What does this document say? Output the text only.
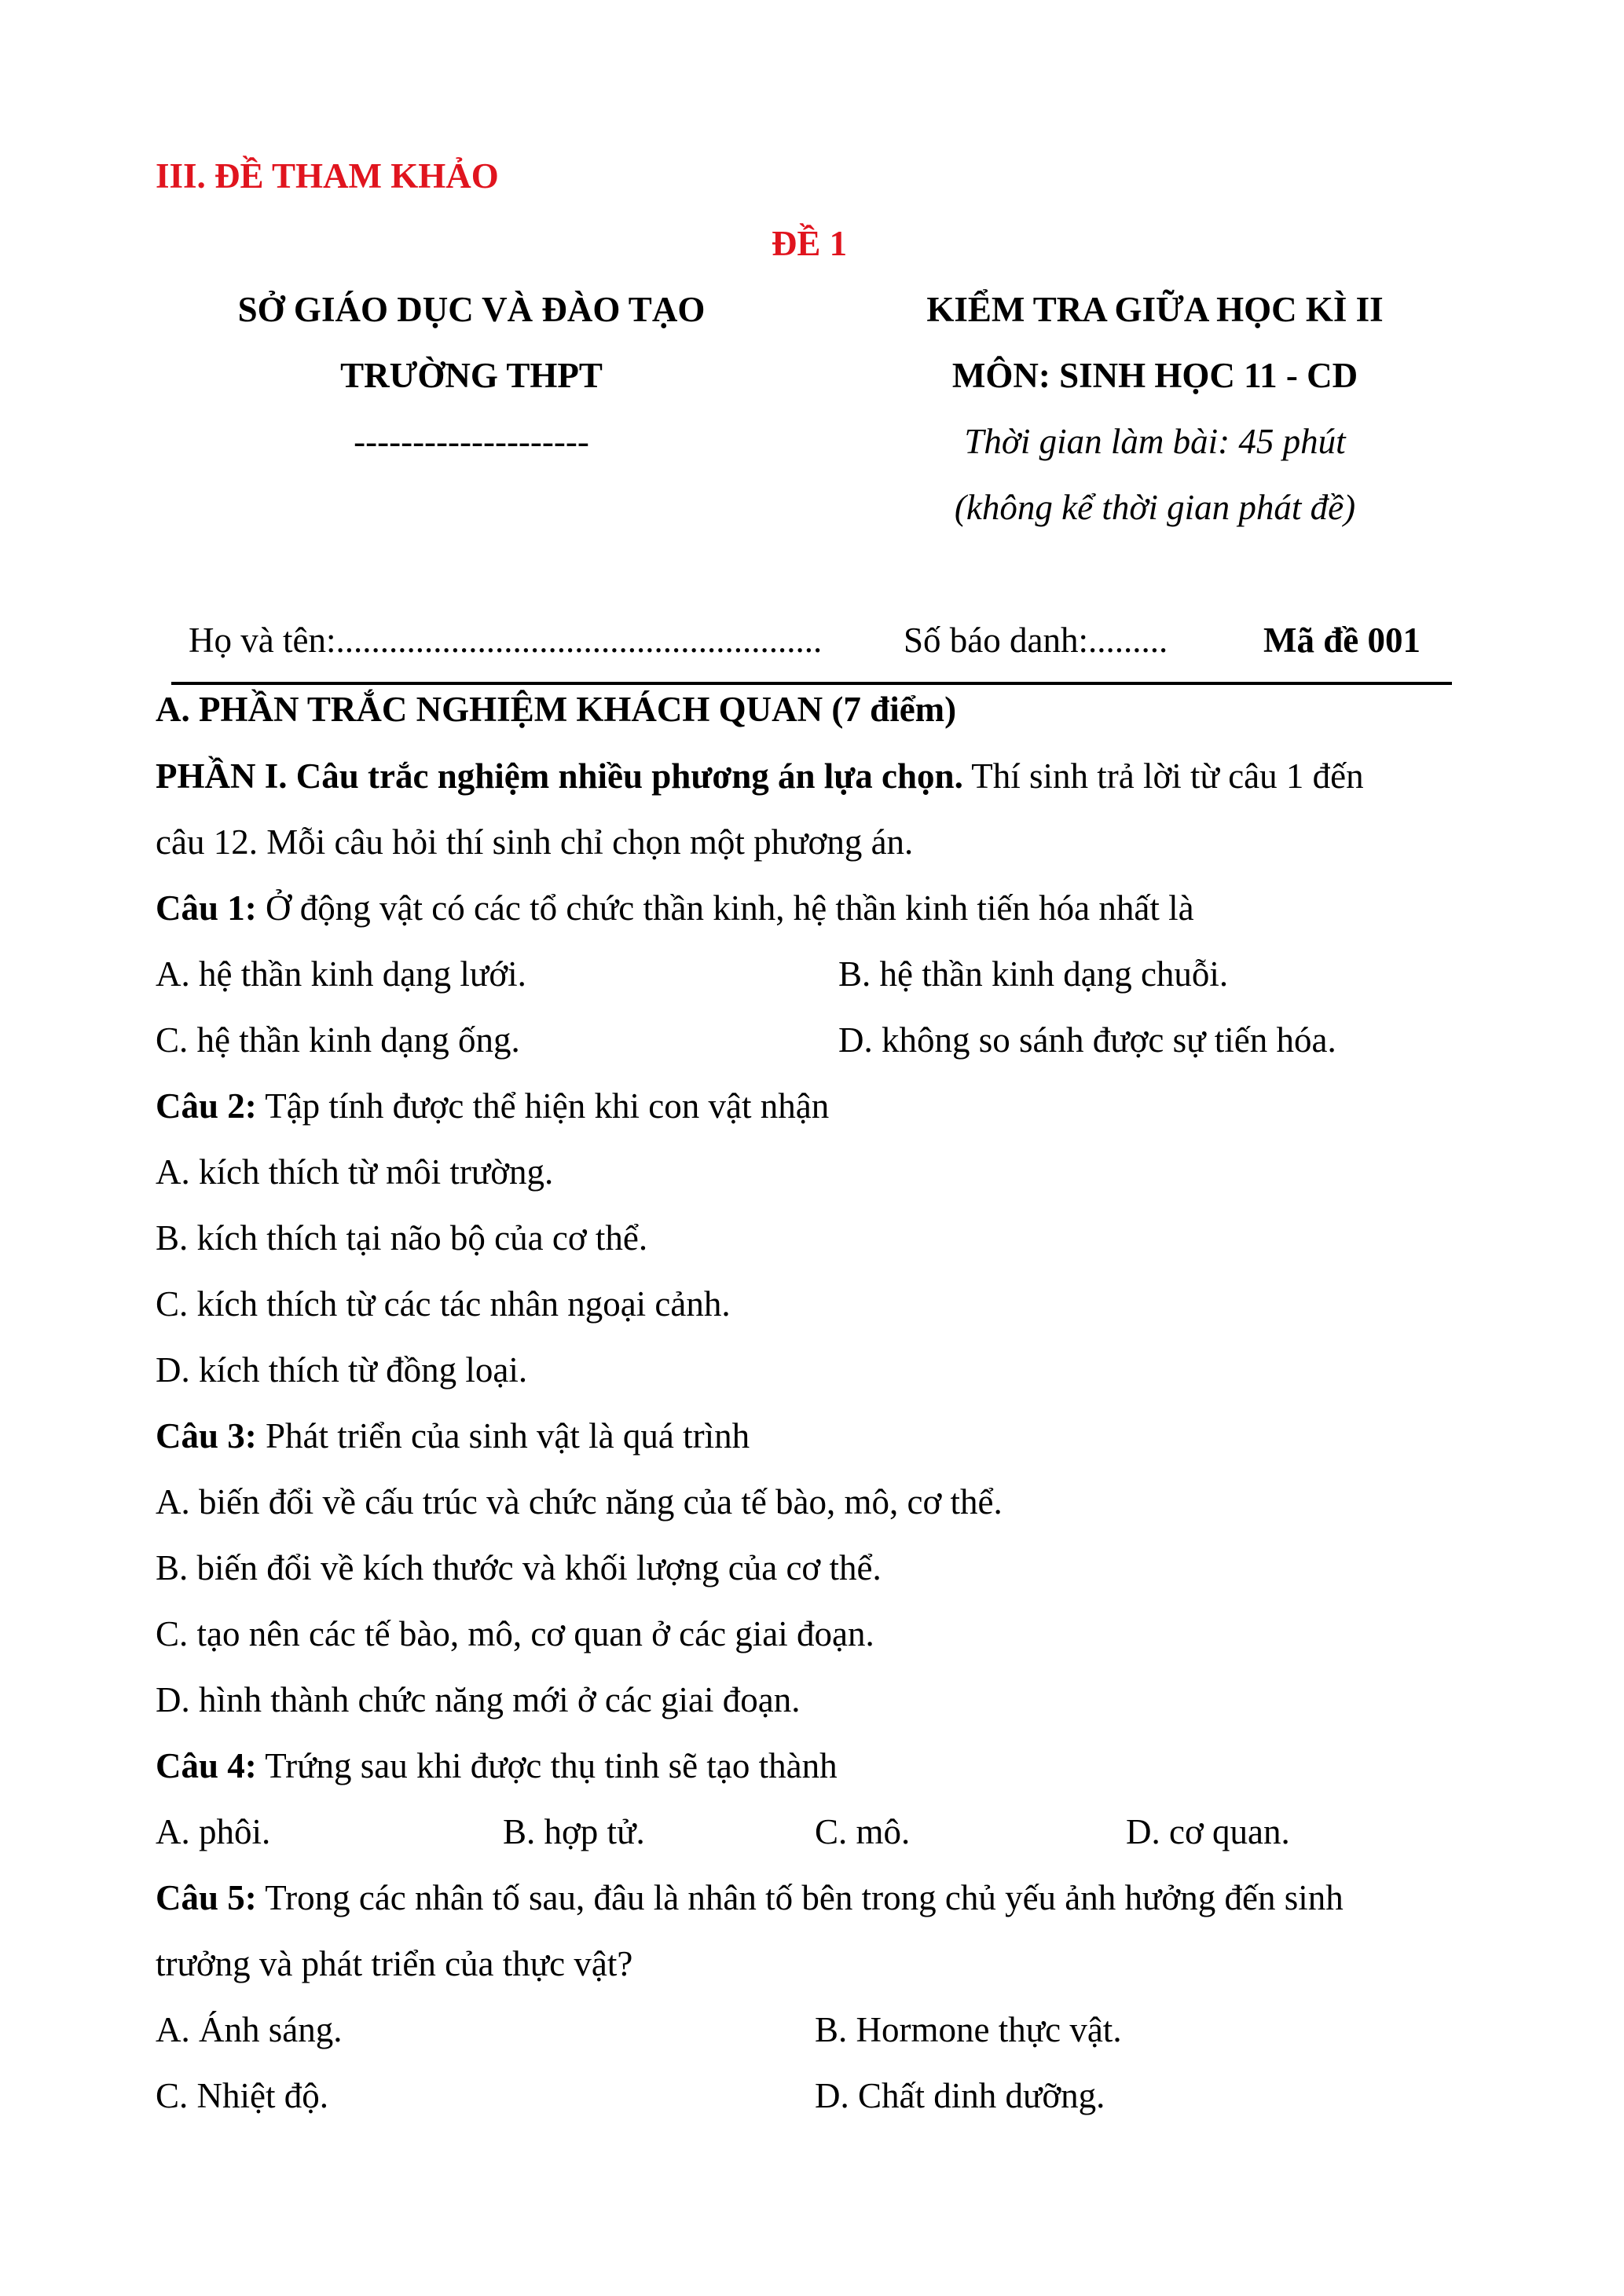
III. ĐỀ THAM KHẢO
ĐỀ 1
SỞ GIÁO DỤC VÀ ĐÀO TẠO
TRƯỜNG THPT
--------------------
KIỂM TRA GIỮA HỌC KÌ II
MÔN: SINH HỌC 11 - CD
Thời gian làm bài: 45 phút
(không kể thời gian phát đề)
Họ và tên:....................................................... Số báo danh:.........	Mã đề 001
A. PHẦN TRẮC NGHIỆM KHÁCH QUAN (7 điểm)
PHẦN I. Câu trắc nghiệm nhiều phương án lựa chọn. Thí sinh trả lời từ câu 1 đến
câu 12. Mỗi câu hỏi thí sinh chỉ chọn một phương án.
Câu 1: Ở động vật có các tổ chức thần kinh, hệ thần kinh tiến hóa nhất là
A. hệ thần kinh dạng lưới.	B. hệ thần kinh dạng chuỗi.
C. hệ thần kinh dạng ống.	D. không so sánh được sự tiến hóa.
Câu 2: Tập tính được thể hiện khi con vật nhận
A. kích thích từ môi trường.
B. kích thích tại não bộ của cơ thể.
C. kích thích từ các tác nhân ngoại cảnh.
D. kích thích từ đồng loại.
Câu 3: Phát triển của sinh vật là quá trình
A. biến đổi về cấu trúc và chức năng của tế bào, mô, cơ thể.
B. biến đổi về kích thước và khối lượng của cơ thể.
C. tạo nên các tế bào, mô, cơ quan ở các giai đoạn.
D. hình thành chức năng mới ở các giai đoạn.
Câu 4: Trứng sau khi được thụ tinh sẽ tạo thành
A. phôi.	B. hợp tử.	C. mô.	D. cơ quan.
Câu 5: Trong các nhân tố sau, đâu là nhân tố bên trong chủ yếu ảnh hưởng đến sinh
trưởng và phát triển của thực vật?
A. Ánh sáng.	B. Hormone thực vật.
C. Nhiệt độ.	D. Chất dinh dưỡng.
